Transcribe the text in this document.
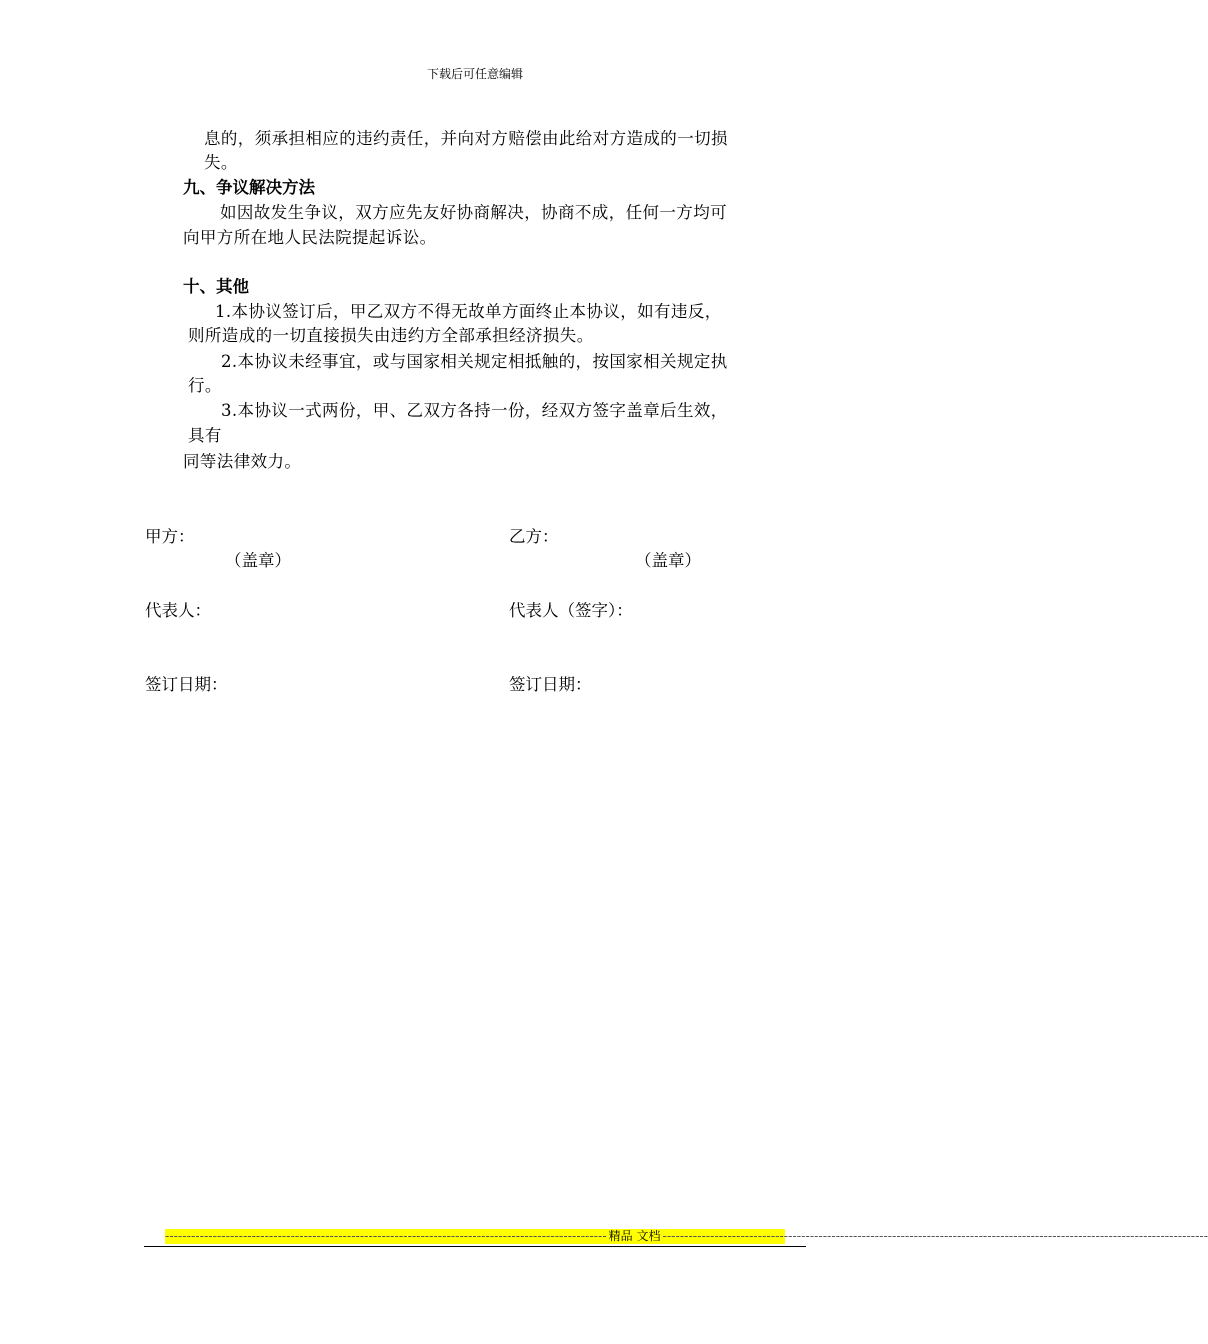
下载后可任意编辑
息的，须承担相应的违约责任，并向对方赔偿由此给对方造成的一切损
失。
九、争议解决方法
如因故发生争议，双方应先友好协商解决，协商不成，任何一方均可
向甲方所在地人民法院提起诉讼。
十、其他
1.本协议签订后，甲乙双方不得无故单方面终止本协议，如有违反，
则所造成的一切直接损失由违约方全部承担经济损失。
2.本协议未经事宜，或与国家相关规定相抵触的，按国家相关规定执
行。
3.本协议一式两份，甲、乙双方各持一份，经双方签字盖章后生效，
具有
同等法律效力。
甲方：
（盖章）
乙方：
（盖章）
代表人：	代表人（签字）：
签订日期：	签订日期：
------------------------------------------------------------------------------------------------------ 精品 文档 ------------------------------------------------------------------------------------------------------------------------------
